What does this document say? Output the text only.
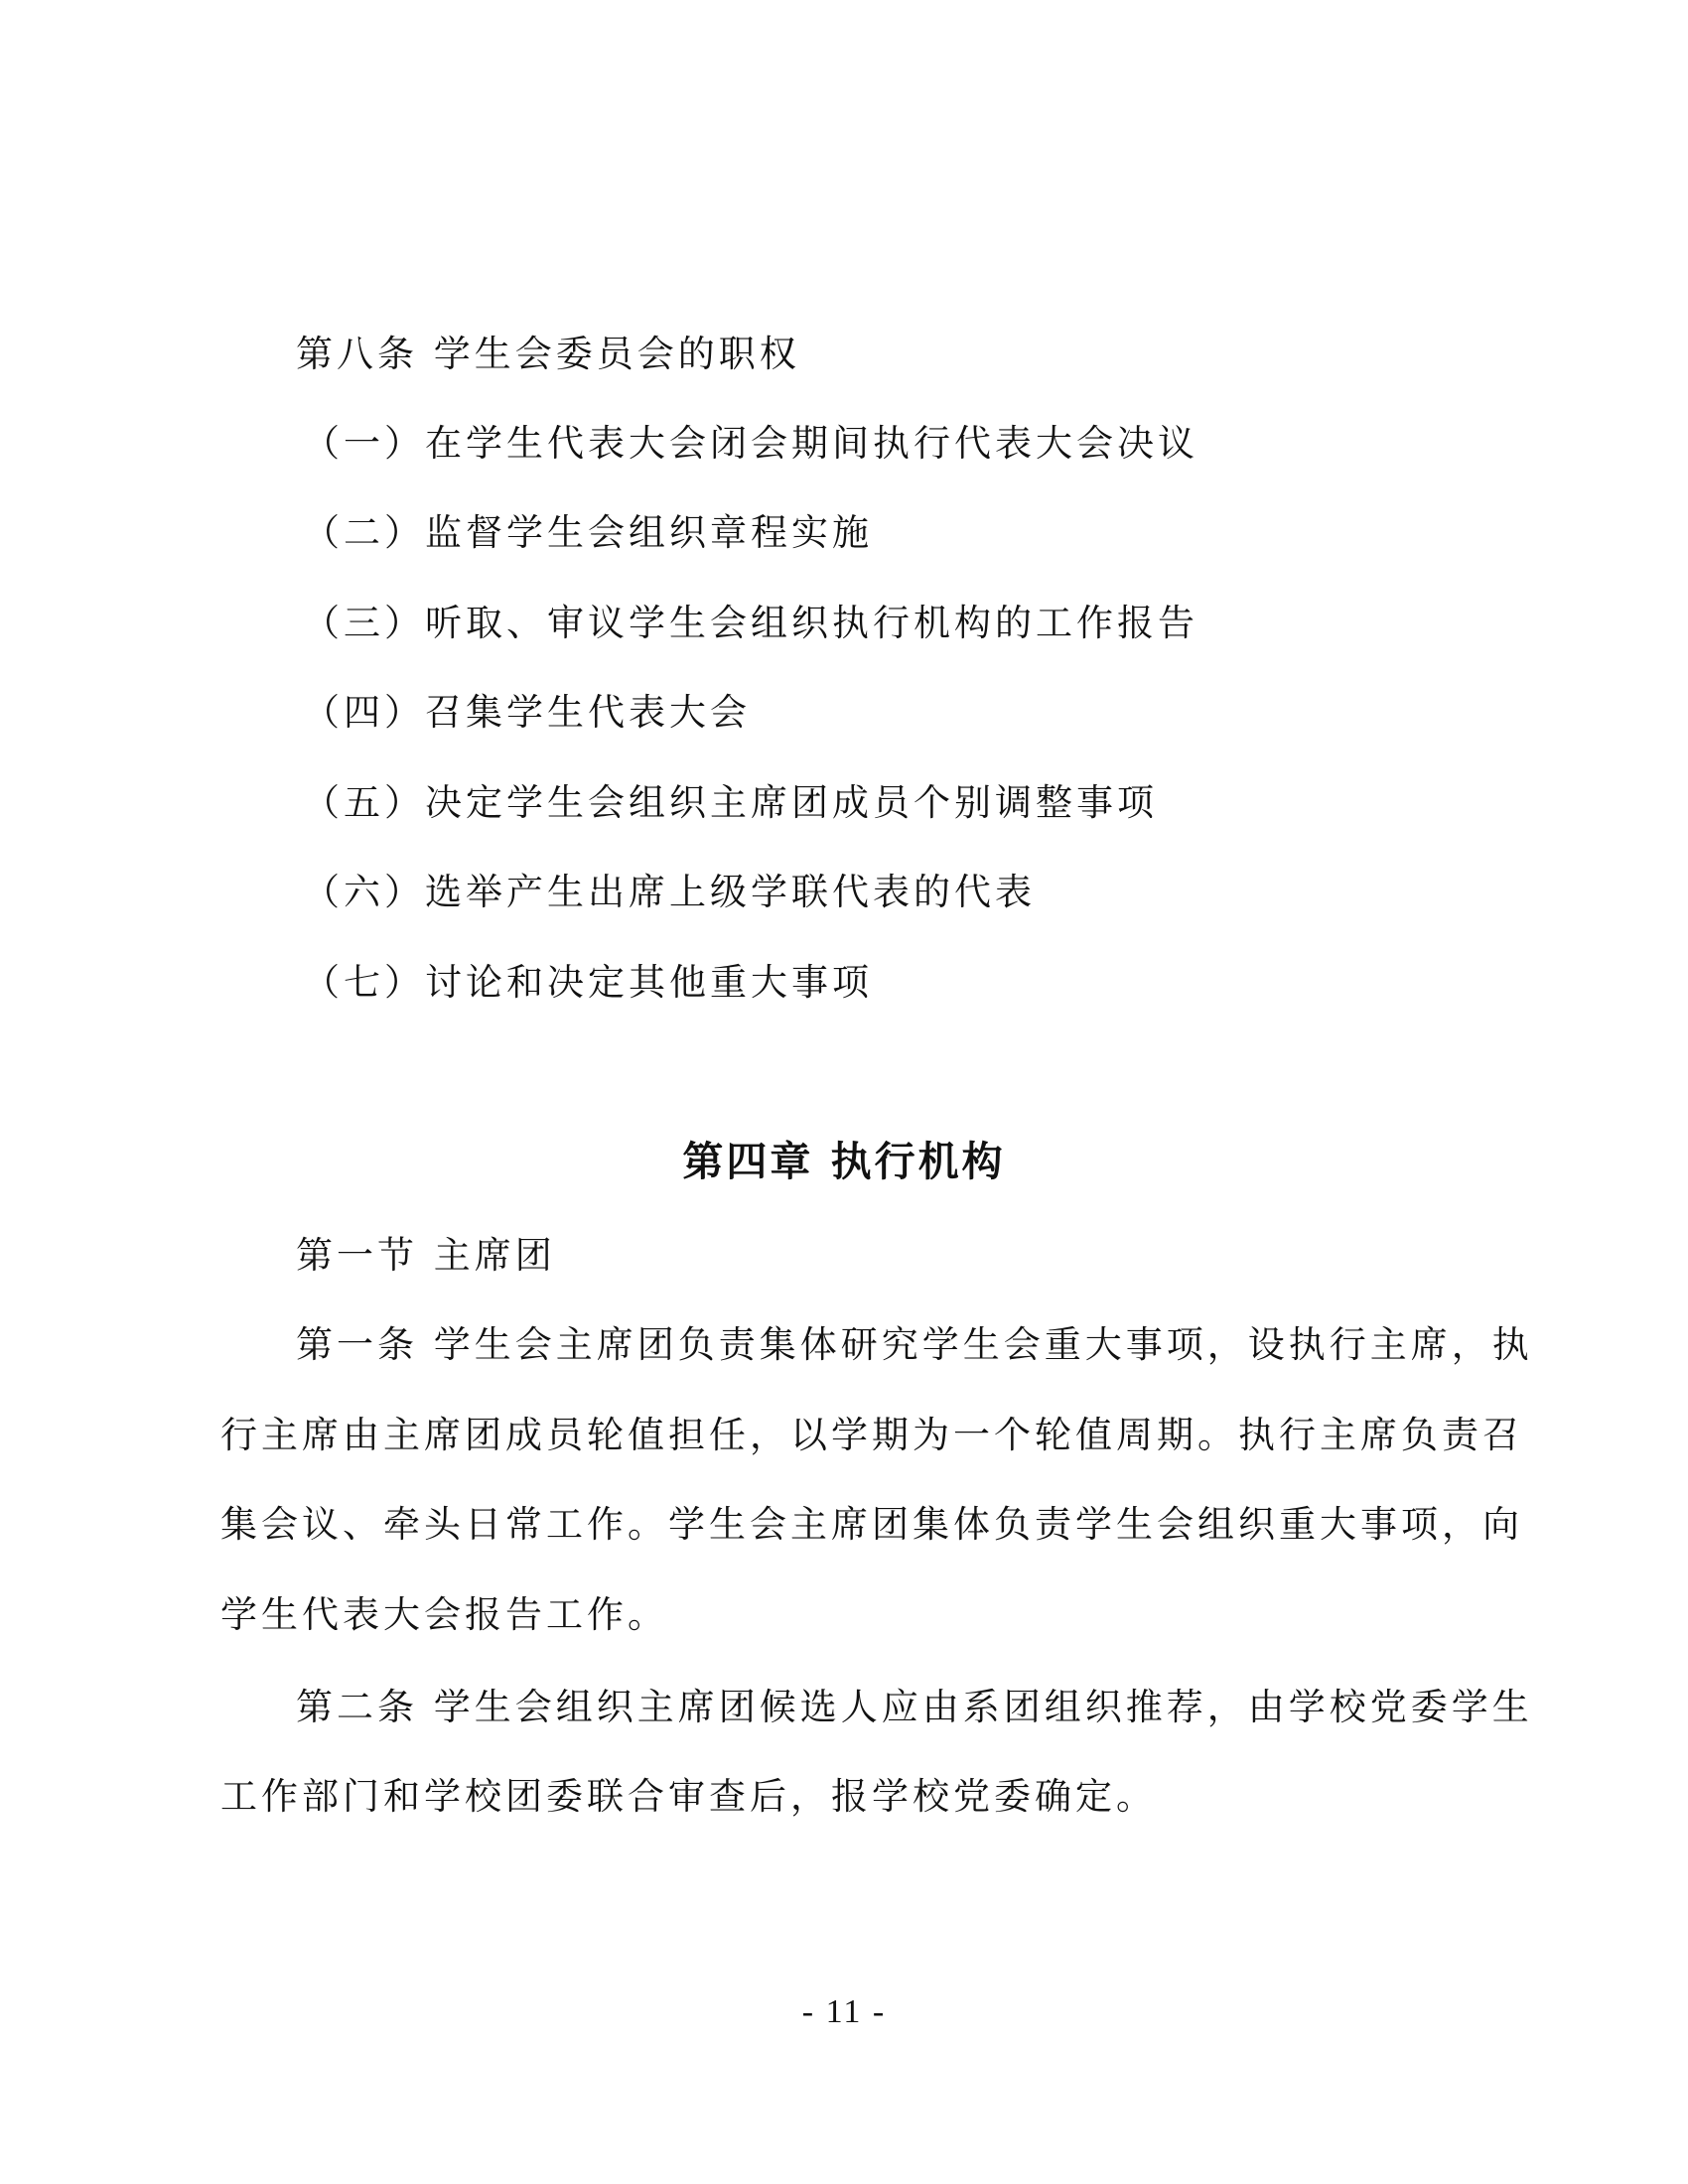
第八条 学生会委员会的职权
（一）在学生代表大会闭会期间执行代表大会决议
（二）监督学生会组织章程实施
（三）听取、审议学生会组织执行机构的工作报告
（四）召集学生代表大会
（五）决定学生会组织主席团成员个别调整事项
（六）选举产生出席上级学联代表的代表
（七）讨论和决定其他重大事项
第四章 执行机构
第一节 主席团
第一条 学生会主席团负责集体研究学生会重大事项，设执行主席，执
行主席由主席团成员轮值担任，以学期为一个轮值周期。执行主席负责召
集会议、牵头日常工作。学生会主席团集体负责学生会组织重大事项，向
学生代表大会报告工作。
第二条 学生会组织主席团候选人应由系团组织推荐，由学校党委学生
工作部门和学校团委联合审查后，报学校党委确定。
- 11 -
